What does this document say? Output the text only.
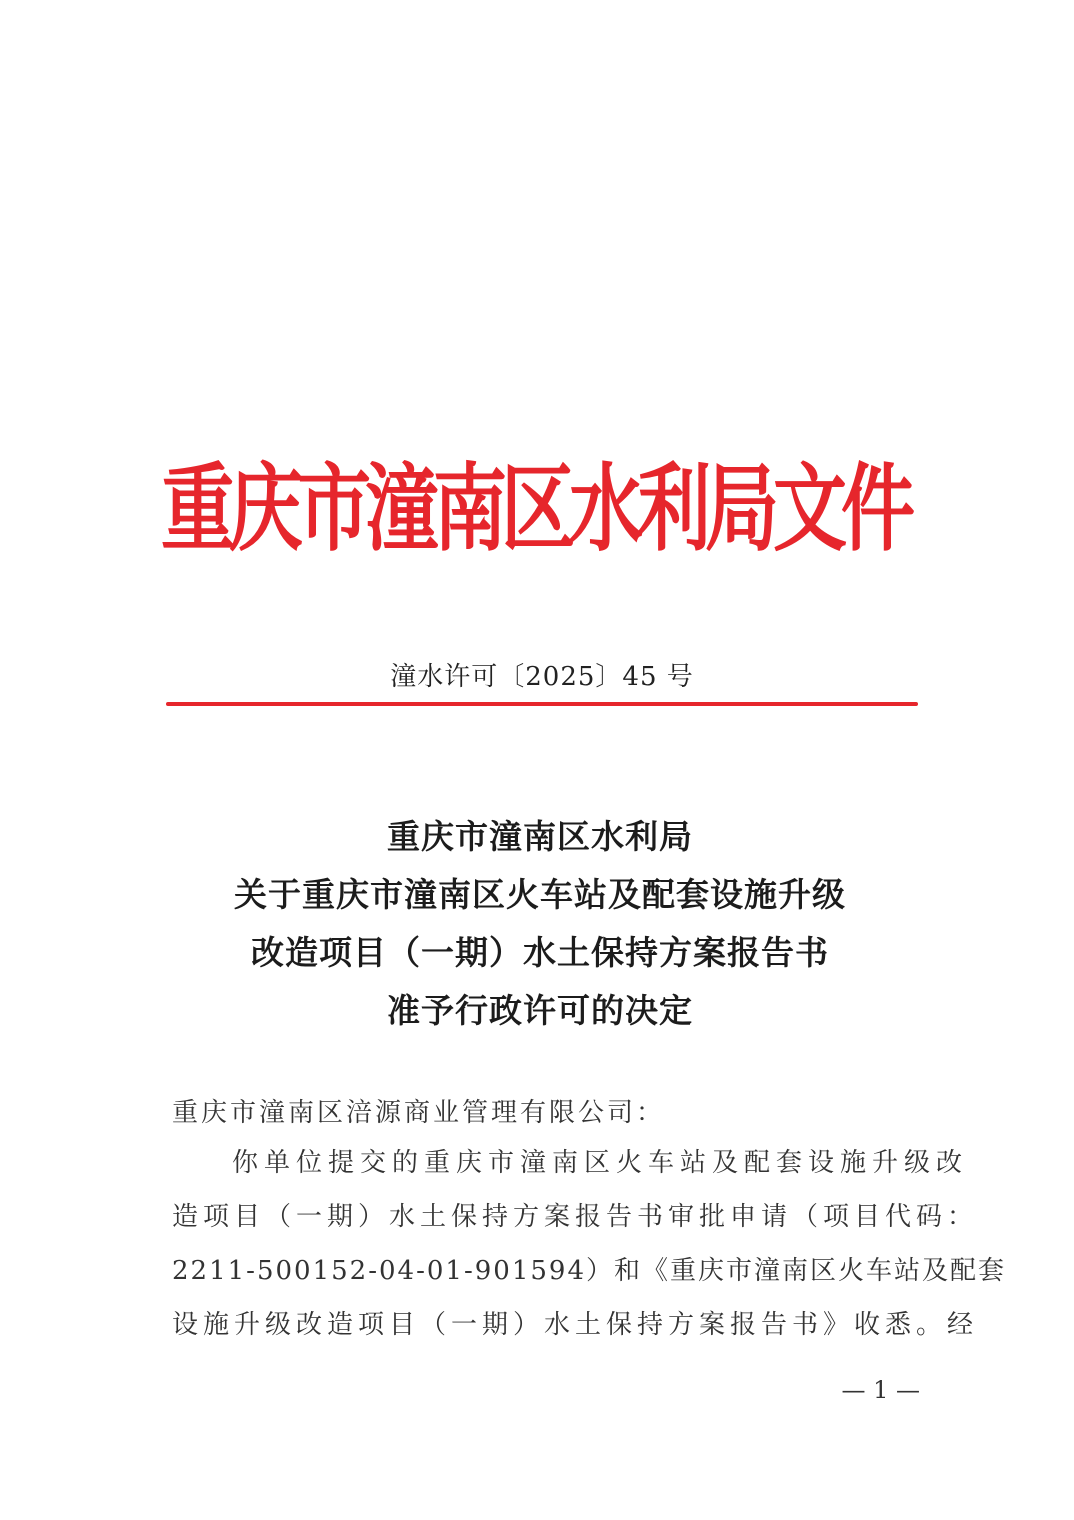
重庆市潼南区水利局文件
潼水许可〔2025〕45 号
重庆市潼南区水利局
关于重庆市潼南区火车站及配套设施升级
改造项目（一期）水土保持方案报告书
准予行政许可的决定
重庆市潼南区涪源商业管理有限公司：
你单位提交的重庆市潼南区火车站及配套设施升级改
造项目（一期）水土保持方案报告书审批申请（项目代码：
2211-500152-04-01-901594）和《重庆市潼南区火车站及配套
设施升级改造项目（一期）水土保持方案报告书》收悉。经
— 1 —
